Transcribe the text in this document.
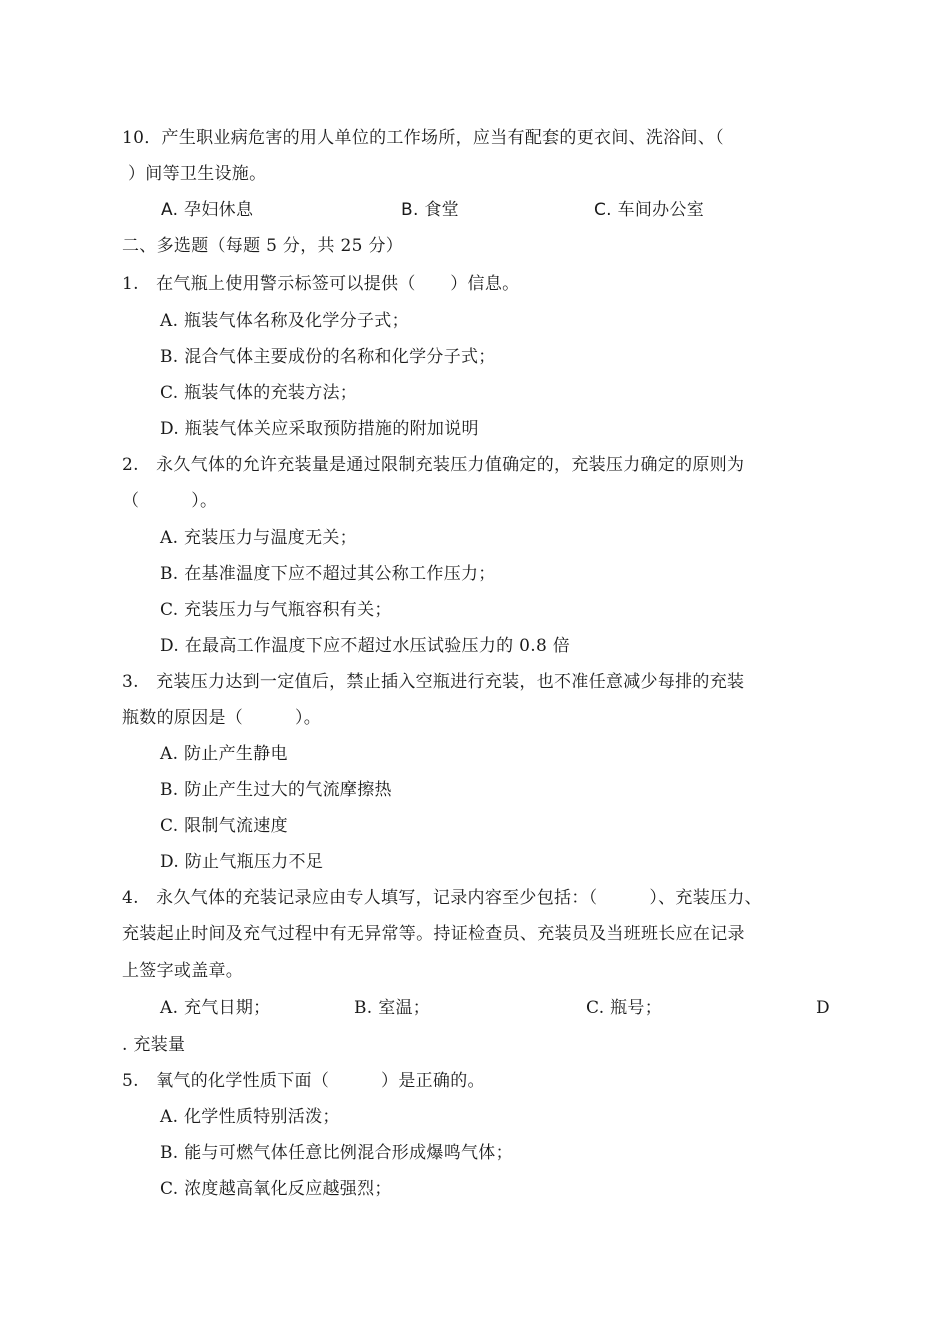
10．产生职业病危害的用人单位的工作场所，应当有配套的更衣间、洗浴间、（
）间等卫生设施。
A. 孕妇休息	B. 食堂	C. 车间办公室
二、多选题（每题 5 分，共 25 分）
1.　在气瓶上使用警示标签可以提供（　　）信息。
A. 瓶装气体名称及化学分子式；
B. 混合气体主要成份的名称和化学分子式；
C. 瓶装气体的充装方法；
D. 瓶装气体关应采取预防措施的附加说明
2.　永久气体的允许充装量是通过限制充装压力值确定的，充装压力确定的原则为
（　　　）。
A. 充装压力与温度无关；
B. 在基准温度下应不超过其公称工作压力；
C. 充装压力与气瓶容积有关；
D. 在最高工作温度下应不超过水压试验压力的 0.8 倍
3.　充装压力达到一定值后，禁止插入空瓶进行充装，也不准任意减少每排的充装
瓶数的原因是（　　　）。
A. 防止产生静电
B. 防止产生过大的气流摩擦热
C. 限制气流速度
D. 防止气瓶压力不足
4.　永久气体的充装记录应由专人填写，记录内容至少包括：（　　　）、充装压力、
充装起止时间及充气过程中有无异常等。持证检查员、充装员及当班班长应在记录
上签字或盖章。
A. 充气日期；	B. 室温；	C. 瓶号；	D
. 充装量
5.　氧气的化学性质下面（　　　）是正确的。
A. 化学性质特别活泼；
B. 能与可燃气体任意比例混合形成爆鸣气体；
C. 浓度越高氧化反应越强烈；
